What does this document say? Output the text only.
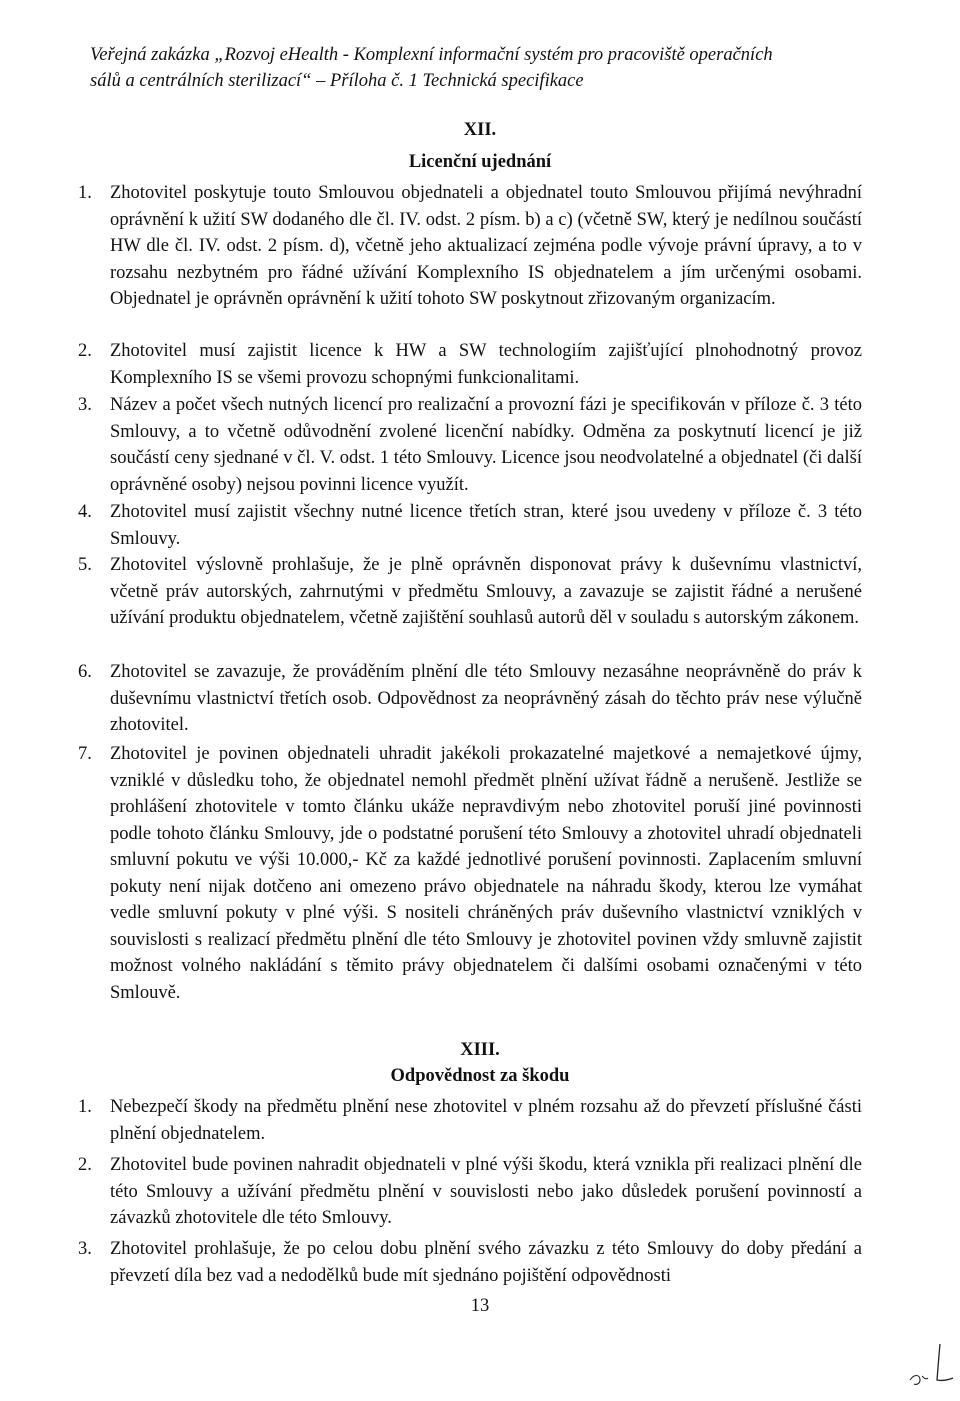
Veřejná zakázka „Rozvoj eHealth - Komplexní informační systém pro pracoviště operačních
sálů a centrálních sterilizací“ – Příloha č. 1 Technická specifikace
XII.
Licenční ujednání
1. Zhotovitel poskytuje touto Smlouvou objednateli a objednatel touto Smlouvou přijímá nevýhradní oprávnění k užití SW dodaného dle čl. IV. odst. 2 písm. b) a c) (včetně SW, který je nedílnou součástí HW dle čl. IV. odst. 2 písm. d), včetně jeho aktualizací zejména podle vývoje právní úpravy, a to v rozsahu nezbytném pro řádné užívání Komplexního IS objednatelem a jím určenými osobami. Objednatel je oprávněn oprávnění k užití tohoto SW poskytnout zřizovaným organizacím.
2. Zhotovitel musí zajistit licence k HW a SW technologiím zajišťující plnohodnotný provoz Komplexního IS se všemi provozu schopnými funkcionalitami.
3. Název a počet všech nutných licencí pro realizační a provozní fázi je specifikován v příloze č. 3 této Smlouvy, a to včetně odůvodnění zvolené licenční nabídky. Odměna za poskytnutí licencí je již součástí ceny sjednané v čl. V. odst. 1 této Smlouvy. Licence jsou neodvolatelné a objednatel (či další oprávněné osoby) nejsou povinni licence využít.
4. Zhotovitel musí zajistit všechny nutné licence třetích stran, které jsou uvedeny v příloze č. 3 této Smlouvy.
5. Zhotovitel výslovně prohlašuje, že je plně oprávněn disponovat právy k duševnímu vlastnictví, včetně práv autorských, zahrnutými v předmětu Smlouvy, a zavazuje se zajistit řádné a nerušené užívání produktu objednatelem, včetně zajištění souhlasů autorů děl v souladu s autorským zákonem.
6. Zhotovitel se zavazuje, že prováděním plnění dle této Smlouvy nezasáhne neoprávněně do práv k duševnímu vlastnictví třetích osob. Odpovědnost za neoprávněný zásah do těchto práv nese výlučně zhotovitel.
7. Zhotovitel je povinen objednateli uhradit jakékoli prokazatelné majetkové a nemajetkové újmy, vzniklé v důsledku toho, že objednatel nemohl předmět plnění užívat řádně a nerušeně. Jestliže se prohlášení zhotovitele v tomto článku ukáže nepravdivým nebo zhotovitel poruší jiné povinnosti podle tohoto článku Smlouvy, jde o podstatné porušení této Smlouvy a zhotovitel uhradí objednateli smluvní pokutu ve výši 10.000,- Kč za každé jednotlivé porušení povinnosti. Zaplacením smluvní pokuty není nijak dotčeno ani omezeno právo objednatele na náhradu škody, kterou lze vymáhat vedle smluvní pokuty v plné výši. S nositeli chráněných práv duševního vlastnictví vzniklých v souvislosti s realizací předmětu plnění dle této Smlouvy je zhotovitel povinen vždy smluvně zajistit možnost volného nakládání s těmito právy objednatelem či dalšími osobami označenými v této Smlouvě.
XIII.
Odpovědnost za škodu
1. Nebezpečí škody na předmětu plnění nese zhotovitel v plném rozsahu až do převzetí příslušné části plnění objednatelem.
2. Zhotovitel bude povinen nahradit objednateli v plné výši škodu, která vznikla při realizaci plnění dle této Smlouvy a užívání předmětu plnění v souvislosti nebo jako důsledek porušení povinností a závazků zhotovitele dle této Smlouvy.
3. Zhotovitel prohlašuje, že po celou dobu plnění svého závazku z této Smlouvy do doby předání a převzetí díla bez vad a nedodělků bude mít sjednáno pojištění odpovědnosti
13
